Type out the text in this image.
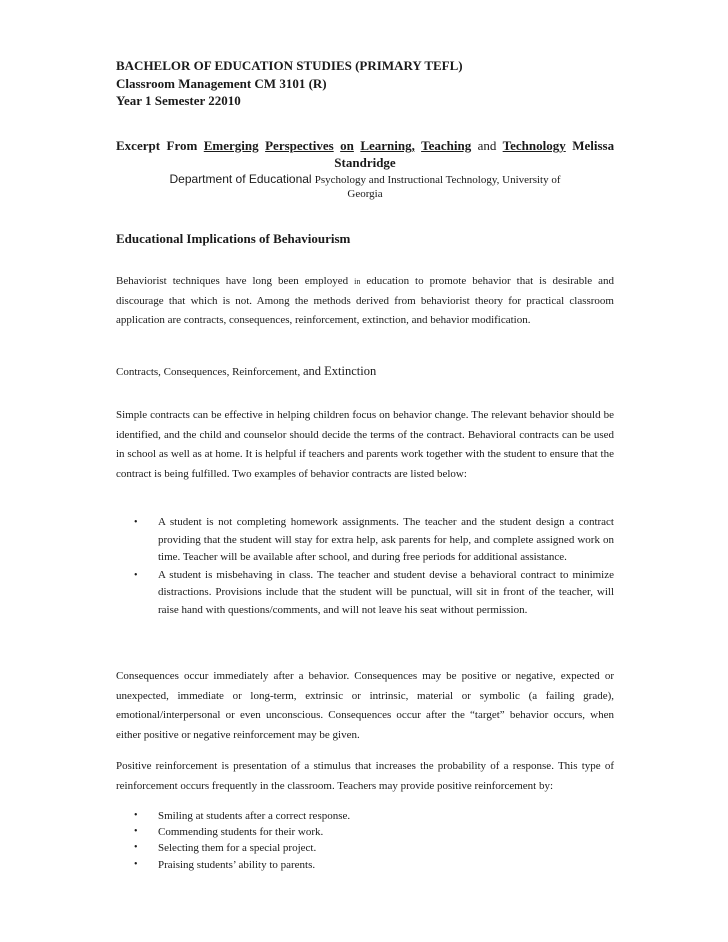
BACHELOR OF EDUCATION STUDIES (PRIMARY TEFL)
Classroom Management CM 3101 (R)
Year 1 Semester 22010
Excerpt From Emerging Perspectives on Learning, Teaching and Technology Melissa
Standridge
Department of Educational Psychology and Instructional Technology, University of
Georgia
Educational Implications of Behaviourism
Behaviorist techniques have long been employed in education to promote behavior that is desirable and discourage that which is not. Among the methods derived from behaviorist theory for practical classroom application are contracts, consequences, reinforcement, extinction, and behavior modification.
Contracts, Consequences, Reinforcement, and Extinction
Simple contracts can be effective in helping children focus on behavior change. The relevant behavior should be identified, and the child and counselor should decide the terms of the contract. Behavioral contracts can be used in school as well as at home. It is helpful if teachers and parents work together with the student to ensure that the contract is being fulfilled. Two examples of behavior contracts are listed below:
• A student is not completing homework assignments. The teacher and the student design a contract providing that the student will stay for extra help, ask parents for help, and complete assigned work on time. Teacher will be available after school, and during free periods for additional assistance.
• A student is misbehaving in class. The teacher and student devise a behavioral contract to minimize distractions. Provisions include that the student will be punctual, will sit in front of the teacher, will raise hand with questions/comments, and will not leave his seat without permission.
Consequences occur immediately after a behavior. Consequences may be positive or negative, expected or unexpected, immediate or long-term, extrinsic or intrinsic, material or symbolic (a failing grade), emotional/interpersonal or even unconscious. Consequences occur after the “target” behavior occurs, when either positive or negative reinforcement may be given.
Positive reinforcement is presentation of a stimulus that increases the probability of a response. This type of reinforcement occurs frequently in the classroom. Teachers may provide positive reinforcement by:
• Smiling at students after a correct response.
• Commending students for their work.
• Selecting them for a special project.
• Praising students’ ability to parents.
